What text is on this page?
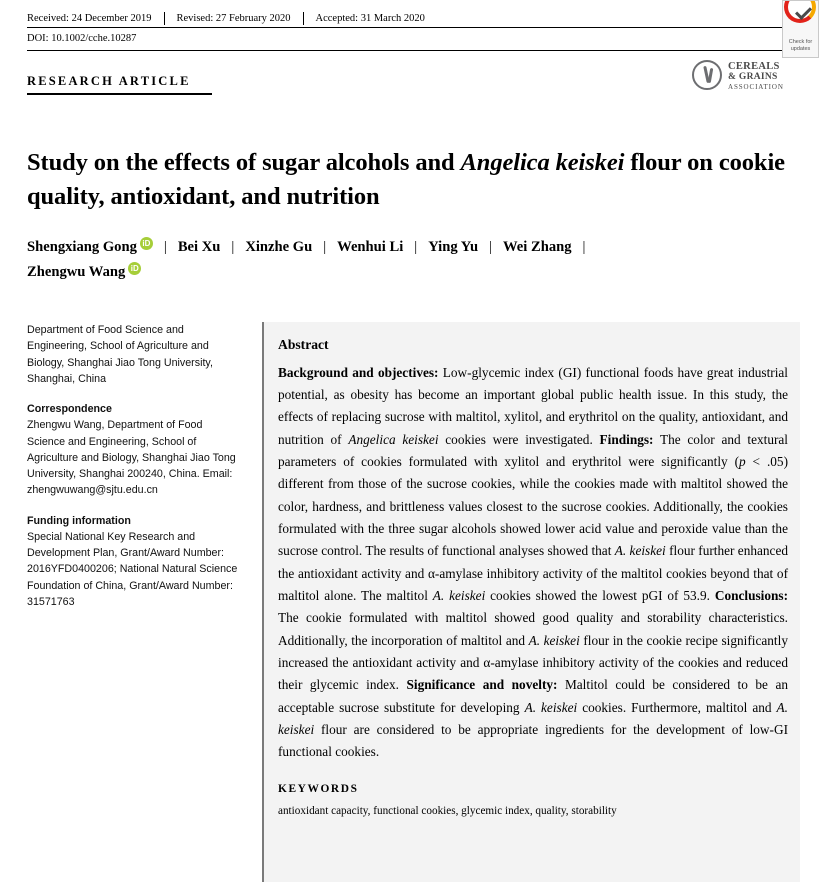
Received: 24 December 2019 Revised: 27 February 2020 Accepted: 31 March 2020
DOI: 10.1002/cche.10287	Check for
updates
RESEARCH ARTICLE
CEREALS
& GRAINS
ASSOCIATION
Study on the effects of sugar alcohols and Angelica keiskei flour on cookie quality, antioxidant, and nutrition
Shengxiang Gong iD | Bei Xu | Xinzhe Gu | Wenhui Li | Ying Yu | Wei Zhang |
Zhengwu WangiD
Department of Food Science and Engineering, School of Agriculture and Biology, Shanghai Jiao Tong University, Shanghai, China
Correspondence
Zhengwu Wang, Department of Food Science and Engineering, School of Agriculture and Biology, Shanghai Jiao Tong University, Shanghai 200240, China. Email: zhengwuwang@sjtu.edu.cn
Funding information
Special National Key Research and Development Plan, Grant/Award Number: 2016YFD0400206; National Natural Science Foundation of China, Grant/Award Number: 31571763
Abstract

Background and objectives: Low-glycemic index (GI) functional foods have great industrial potential, as obesity has become an important global public health issue. In this study, the effects of replacing sucrose with maltitol, xylitol, and erythritol on the quality, antioxidant, and nutrition of Angelica keiskei cookies were investigated. Findings: The color and textural parameters of cookies formulated with xylitol and erythritol were significantly (p < .05) different from those of the sucrose cookies, while the cookies made with maltitol showed the color, hardness, and brittleness values closest to the sucrose cookies. Additionally, the cookies formulated with the three sugar alcohols showed lower acid value and peroxide value than the sucrose control. The results of functional analyses showed that A. keiskei flour further enhanced the antioxidant activity and α-amylase inhibitory activity of the maltitol cookies beyond that of maltitol alone. The maltitol A. keiskei cookies showed the lowest pGI of 53.9. Conclusions: The cookie formulated with maltitol showed good quality and storability characteristics. Additionally, the incorporation of maltitol and A. keiskei flour in the cookie recipe significantly increased the antioxidant activity and α-amylase inhibitory activity of the cookies and reduced their glycemic index. Significance and novelty: Maltitol could be considered to be an acceptable sucrose substitute for developing A. keiskei cookies. Furthermore, maltitol and A. keiskei flour are considered to be appropriate ingredients for the development of low-GI functional cookies.

KEYWORDS
antioxidant capacity, functional cookies, glycemic index, quality, storability
